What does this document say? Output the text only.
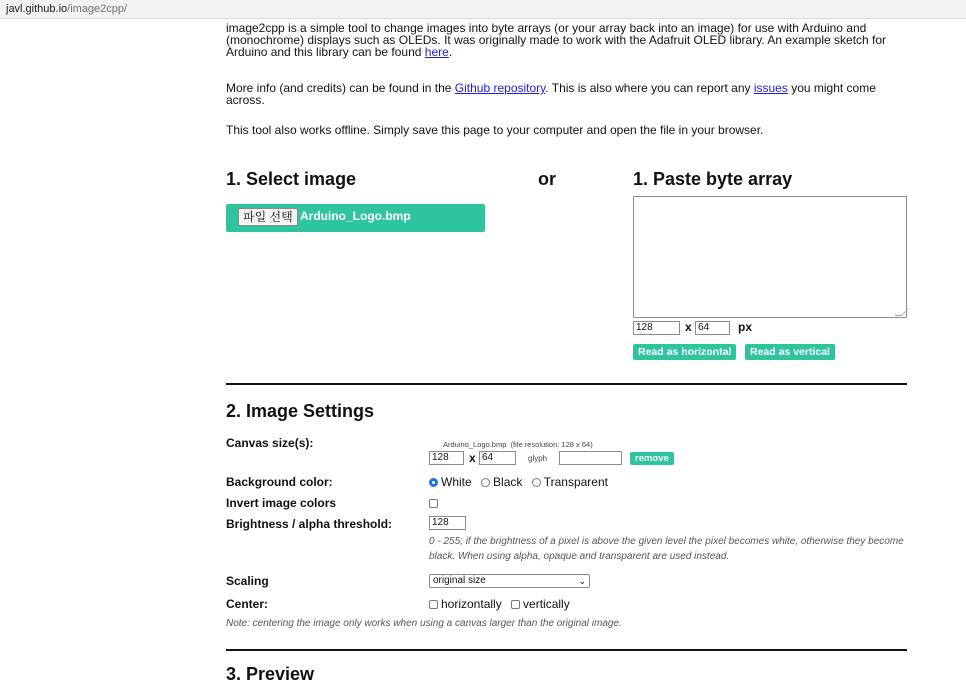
javl.github.io/image2cpp/

image2cpp is a simple tool to change images into byte arrays (or your array back into an image) for use with Arduino and (monochrome) displays such as OLEDs. It was originally made to work with the Adafruit OLED library. An example sketch for Arduino and this library can be found here.

More info (and credits) can be found in the Github repository. This is also where you can report any issues you might come across.

This tool also works offline. Simply save this page to your computer and open the file in your browser.

1. Select image	or	1. Paste byte array
파일 선택 Arduino_Logo.bmp
128	x 64	px
Read as horizontal	Read as vertical
2. Image Settings
Canvas size(s):	Arduino_Logo.bmp (file resolution: 128 x 64)
128	x 64	glyph	remove
Background color:	White Black Transparent
Invert image colors
Brightness / alpha threshold:	128

0 - 255; if the brightness of a pixel is above the given level the pixel becomes white, otherwise they become black. When using alpha, opaque and transparent are used instead.

Scaling	original size	⌄
Center:	horizontally vertically

Note: centering the image only works when using a canvas larger than the original image.

3. Preview
